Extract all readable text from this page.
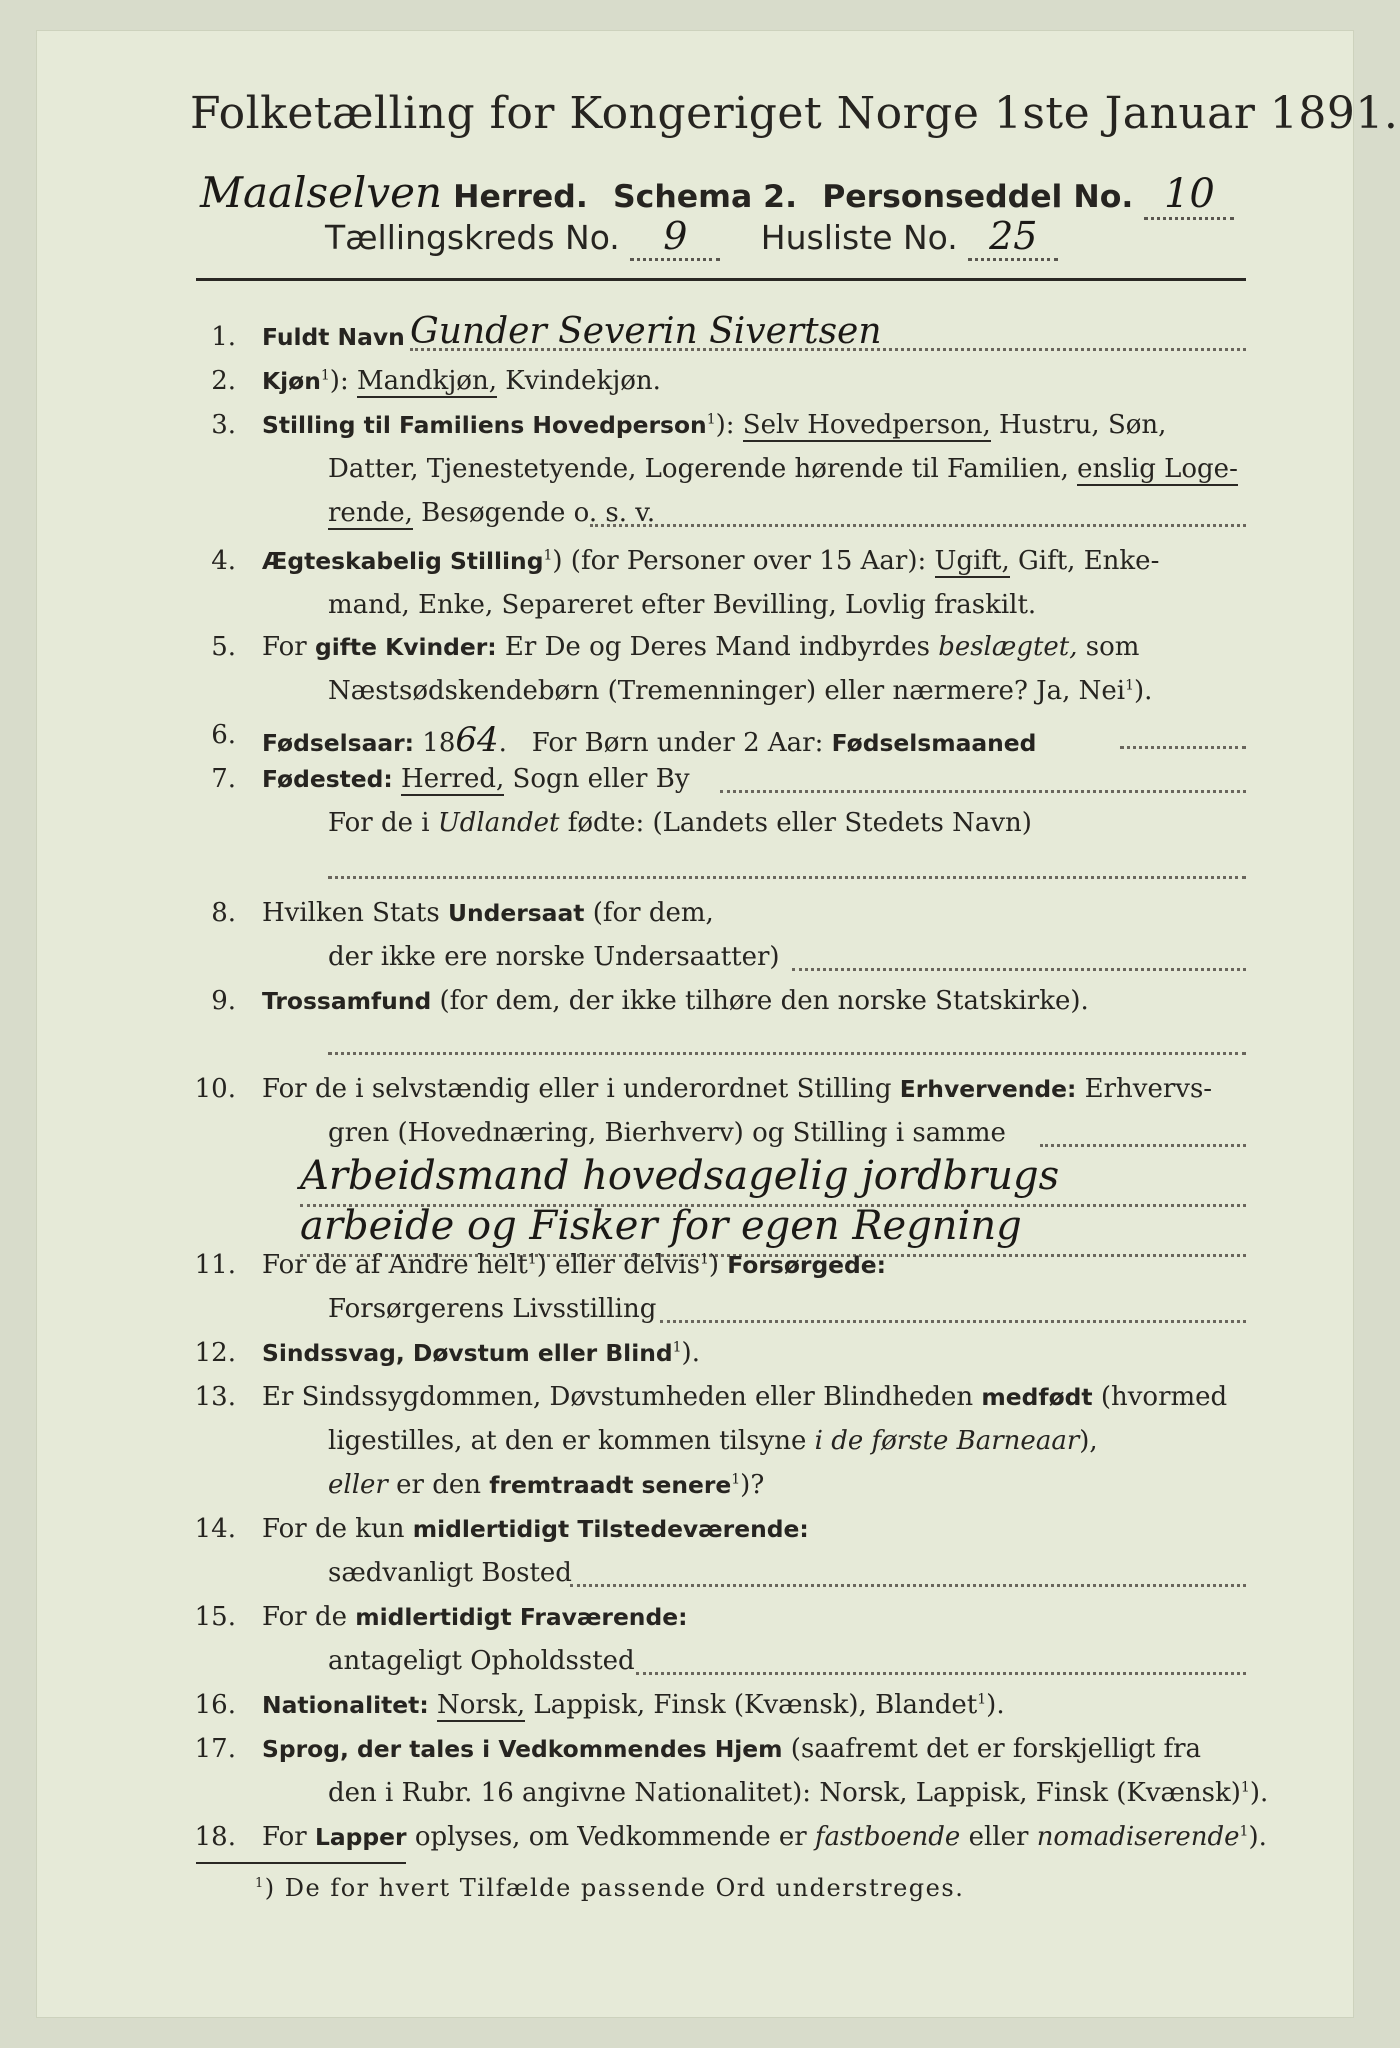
Folketælling for Kongeriget Norge 1ste Januar 1891.
Maalselven Herred. Schema 2. Personseddel No. 10
Tællingskreds No. 9 Husliste No. 25
1. Fuldt Navn Gunder Severin Sivertsen
2. Kjøn$^1$): Mandkjøn, Kvindekjøn.
3. Stilling til Familiens Hovedperson$^1$): Selv Hovedperson, Hustru, Søn,
Datter, Tjenestetyende, Logerende hørende til Familien, enslig Loge-
rende, Besøgende o. s. v.
4. Ægteskabelig Stilling$^1$) (for Personer over 15 Aar): Ugift, Gift, Enke-
mand, Enke, Separeret efter Bevilling, Lovlig fraskilt.
5. For gifte Kvinder: Er De og Deres Mand indbyrdes beslægtet, som
Næstsødskendebørn (Tremenninger) eller nærmere? Ja, Nei$^1$).
6. Fødselsaar: 1864.   For Børn under 2 Aar: Fødselsmaaned
7. Fødested: Herred, Sogn eller By
For de i Udlandet fødte: (Landets eller Stedets Navn)
8. Hvilken Stats Undersaat (for dem,
der ikke ere norske Undersaatter)
9. Trossamfund (for dem, der ikke tilhøre den norske Statskirke).
10. For de i selvstændig eller i underordnet Stilling Erhvervende: Erhvervs-
gren (Hovednæring, Bierhverv) og Stilling i samme
Arbeidsmand hovedsagelig jordbrugs
arbeide og Fisker for egen Regning
11. For de af Andre helt$^1$) eller delvis$^1$) Forsørgede:
Forsørgerens Livsstilling
12. Sindssvag, Døvstum eller Blind$^1$).
13. Er Sindssygdommen, Døvstumheden eller Blindheden medfødt (hvormed
ligestilles, at den er kommen tilsyne i de første Barneaar),
eller er den fremtraadt senere$^1$)?
14. For de kun midlertidigt Tilstedeværende:
sædvanligt Bosted
15. For de midlertidigt Fraværende:
antageligt Opholdssted
16. Nationalitet: Norsk, Lappisk, Finsk (Kvænsk), Blandet$^1$).
17. Sprog, der tales i Vedkommendes Hjem (saafremt det er forskjelligt fra
den i Rubr. 16 angivne Nationalitet): Norsk, Lappisk, Finsk (Kvænsk)$^1$).
18. For Lapper oplyses, om Vedkommende er fastboende eller nomadiserende$^1$).
$^1$) De for hvert Tilfælde passende Ord understreges.
